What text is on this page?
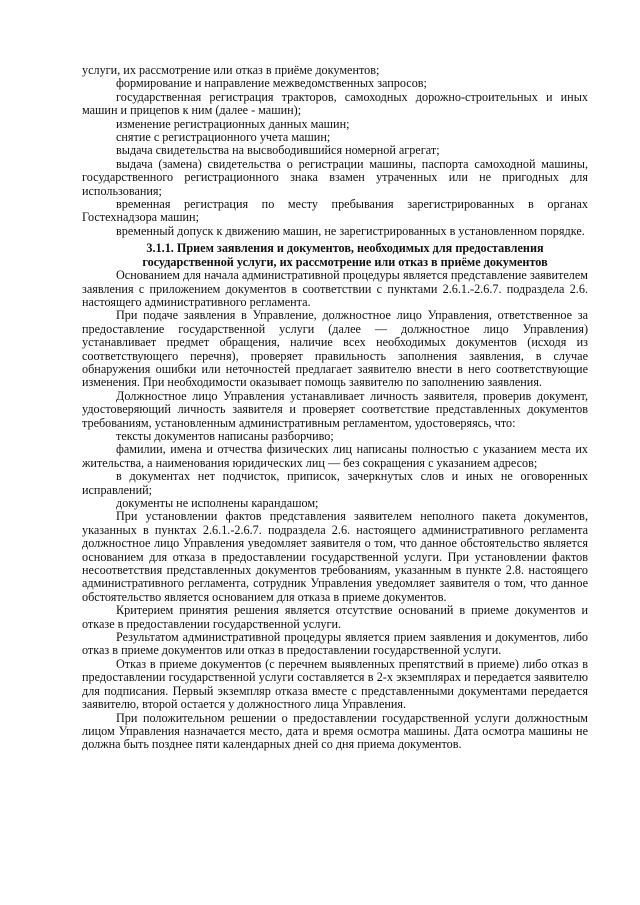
услуги, их рассмотрение или отказ в приёме документов;

формирование и направление межведомственных запросов;

государственная регистрация тракторов, самоходных дорожно-строительных и иных машин и прицепов к ним (далее - машин);

изменение регистрационных данных машин;

снятие с регистрационного учета машин;

выдача свидетельства на высвободившийся номерной агрегат;

выдача (замена) свидетельства о регистрации машины, паспорта самоходной машины, государственного регистрационного знака взамен утраченных или не пригодных для использования;

временная регистрация по месту пребывания зарегистрированных в органах Гостехнадзора машин;

временный допуск к движению машин, не зарегистрированных в установленном порядке.

3.1.1. Прием заявления и документов, необходимых для предоставления государственной услуги, их рассмотрение или отказ в приёме документов

Основанием для начала административной процедуры является представление заявителем заявления с приложением документов в соответствии с пунктами 2.6.1.-2.6.7. подраздела 2.6. настоящего административного регламента.

При подаче заявления в Управление, должностное лицо Управления, ответственное за предоставление государственной услуги (далее — должностное лицо Управления) устанавливает предмет обращения, наличие всех необходимых документов (исходя из соответствующего перечня), проверяет правильность заполнения заявления, в случае обнаружения ошибки или неточностей предлагает заявителю внести в него соответствующие изменения. При необходимости оказывает помощь заявителю по заполнению заявления.

Должностное лицо Управления устанавливает личность заявителя, проверив документ, удостоверяющий личность заявителя и проверяет соответствие представленных документов требованиям, установленным административным регламентом, удостоверяясь, что:

тексты документов написаны разборчиво;

фамилии, имена и отчества физических лиц написаны полностью с указанием места их жительства, а наименования юридических лиц — без сокращения с указанием адресов;

в документах нет подчисток, приписок, зачеркнутых слов и иных не оговоренных исправлений;

документы не исполнены карандашом;

При установлении фактов представления заявителем неполного пакета документов, указанных в пунктах 2.6.1.-2.6.7. подраздела 2.6. настоящего административного регламента должностное лицо Управления уведомляет заявителя о том, что данное обстоятельство является основанием для отказа в предоставлении государственной услуги. При установлении фактов несоответствия представленных документов требованиям, указанным в пункте 2.8. настоящего административного регламента, сотрудник Управления уведомляет заявителя о том, что данное обстоятельство является основанием для отказа в приеме документов.

Критерием принятия решения является отсутствие оснований в приеме документов и отказе в предоставлении государственной услуги.

Результатом административной процедуры является прием заявления и документов, либо отказ в приеме документов или отказ в предоставлении государственной услуги.

Отказ в приеме документов (с перечнем выявленных препятствий в приеме) либо отказ в предоставлении государственной услуги составляется в 2-х экземплярах и передается заявителю для подписания. Первый экземпляр отказа вместе с представленными документами передается заявителю, второй остается у должностного лица Управления.

При положительном решении о предоставлении государственной услуги должностным лицом Управления назначается место, дата и время осмотра машины. Дата осмотра машины не должна быть позднее пяти календарных дней со дня приема документов.
